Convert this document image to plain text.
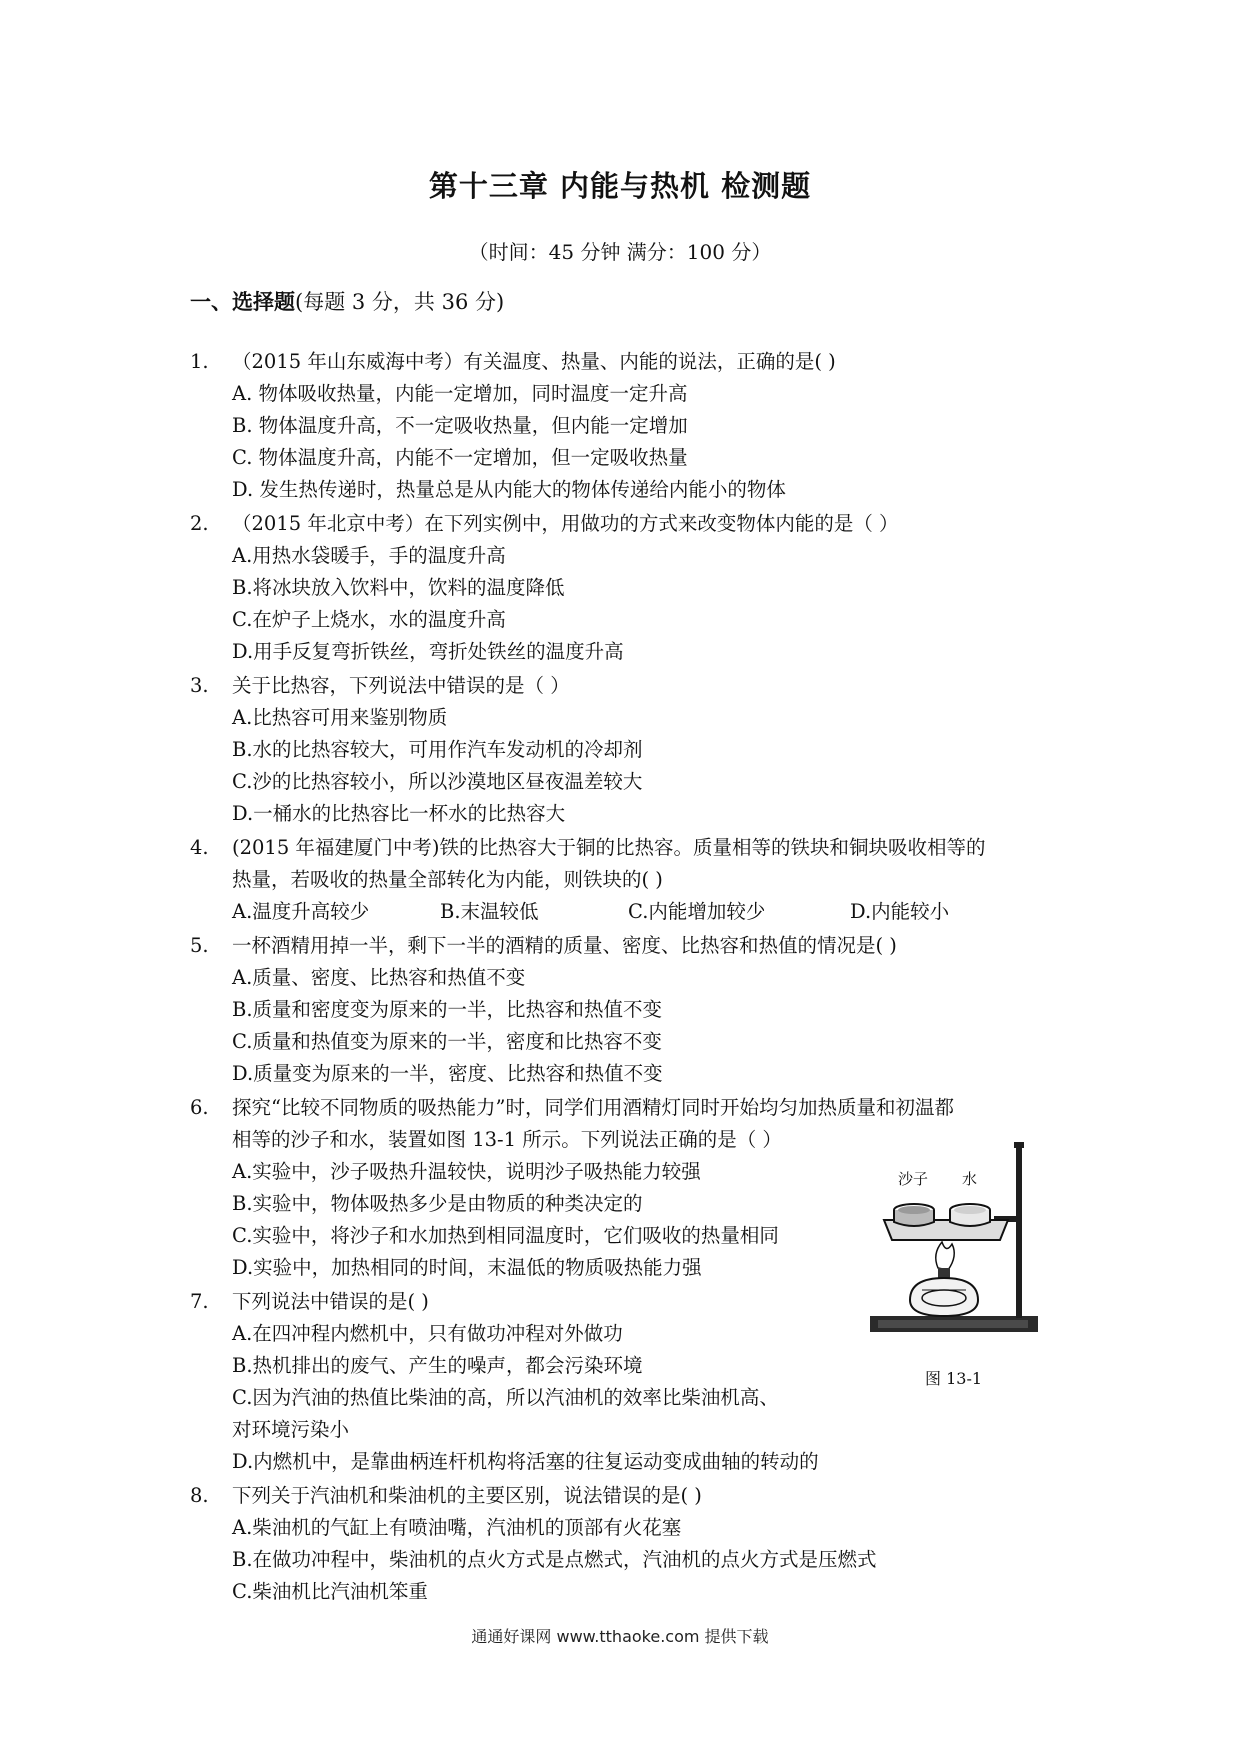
第十三章 内能与热机 检测题
（时间：45 分钟 满分：100 分）
一、选择题(每题 3 分，共 36 分)
1. （2015 年山东威海中考）有关温度、热量、内能的说法，正确的是( )
A. 物体吸收热量，内能一定增加，同时温度一定升高
B. 物体温度升高，不一定吸收热量，但内能一定增加
C. 物体温度升高，内能不一定增加，但一定吸收热量
D. 发生热传递时，热量总是从内能大的物体传递给内能小的物体
2. （2015 年北京中考）在下列实例中，用做功的方式来改变物体内能的是（ ）
A.用热水袋暖手，手的温度升高
B.将冰块放入饮料中，饮料的温度降低
C.在炉子上烧水，水的温度升高
D.用手反复弯折铁丝，弯折处铁丝的温度升高
3. 关于比热容，下列说法中错误的是（ ）
A.比热容可用来鉴别物质
B.水的比热容较大，可用作汽车发动机的冷却剂
C.沙的比热容较小，所以沙漠地区昼夜温差较大
D.一桶水的比热容比一杯水的比热容大
4. (2015 年福建厦门中考)铁的比热容大于铜的比热容。质量相等的铁块和铜块吸收相等的
热量，若吸收的热量全部转化为内能，则铁块的( )
A.温度升高较少	B.末温较低	C.内能增加较少	D.内能较小
5. 一杯酒精用掉一半，剩下一半的酒精的质量、密度、比热容和热值的情况是( )
A.质量、密度、比热容和热值不变
B.质量和密度变为原来的一半，比热容和热值不变
C.质量和热值变为原来的一半，密度和比热容不变
D.质量变为原来的一半，密度、比热容和热值不变
6. 探究“比较不同物质的吸热能力”时，同学们用酒精灯同时开始均匀加热质量和初温都
相等的沙子和水，装置如图 13-1 所示。下列说法正确的是（ ）
A.实验中，沙子吸热升温较快，说明沙子吸热能力较强
B.实验中，物体吸热多少是由物质的种类决定的
C.实验中，将沙子和水加热到相同温度时，它们吸收的热量相同
D.实验中，加热相同的时间，末温低的物质吸热能力强
7. 下列说法中错误的是( )
A.在四冲程内燃机中，只有做功冲程对外做功
B.热机排出的废气、产生的噪声，都会污染环境
C.因为汽油的热值比柴油的高，所以汽油机的效率比柴油机高、
对环境污染小
D.内燃机中，是靠曲柄连杆机构将活塞的往复运动变成曲轴的转动的
8. 下列关于汽油机和柴油机的主要区别，说法错误的是( )
A.柴油机的气缸上有喷油嘴，汽油机的顶部有火花塞
B.在做功冲程中，柴油机的点火方式是点燃式，汽油机的点火方式是压燃式
C.柴油机比汽油机笨重
沙子 水
图 13-1
通通好课网 www.tthaoke.com 提供下载
